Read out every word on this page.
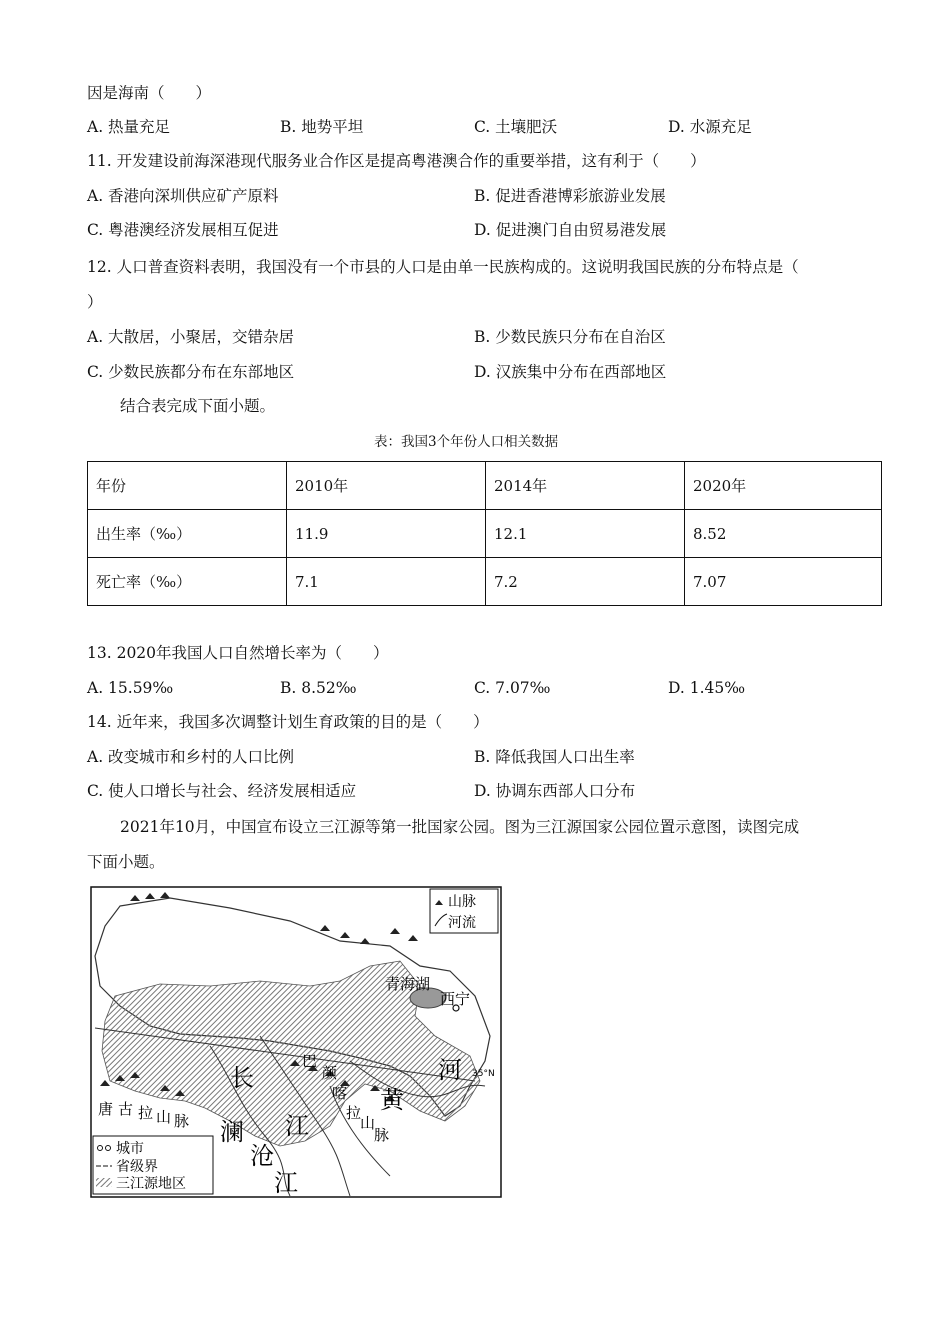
因是海南（　　）
A. 热量充足	B. 地势平坦	C. 土壤肥沃	D. 水源充足
11. 开发建设前海深港现代服务业合作区是提高粤港澳合作的重要举措，这有利于（　　）
A. 香港向深圳供应矿产原料	B. 促进香港博彩旅游业发展
C. 粤港澳经济发展相互促进	D. 促进澳门自由贸易港发展
12. 人口普查资料表明，我国没有一个市县的人口是由单一民族构成的。这说明我国民族的分布特点是（
）
A. 大散居，小聚居，交错杂居	B. 少数民族只分布在自治区
C. 少数民族都分布在东部地区	D. 汉族集中分布在西部地区
结合表完成下面小题。
表：我国3个年份人口相关数据
年份	2010年	2014年	2020年
出生率（‰）	11.9	12.1	8.52
死亡率（‰）	7.1	7.2	7.07
13. 2020年我国人口自然增长率为（　　）
A. 15.59‰	B. 8.52‰	C. 7.07‰	D. 1.45‰
14. 近年来，我国多次调整计划生育政策的目的是（　　）
A. 改变城市和乡村的人口比例	B. 降低我国人口出生率
C. 使人口增长与社会、经济发展相适应	D. 协调东西部人口分布
2021年10月，中国宣布设立三江源等第一批国家公园。图为三江源国家公园位置示意图，读图完成
下面小题。
山脉
河流
城市
省级界
三江源地区
青海湖
西宁
35°N
河
黄
长
澜
沧
江
江
巴
颜
喀
拉
山
脉
唐 古 拉 山 脉
